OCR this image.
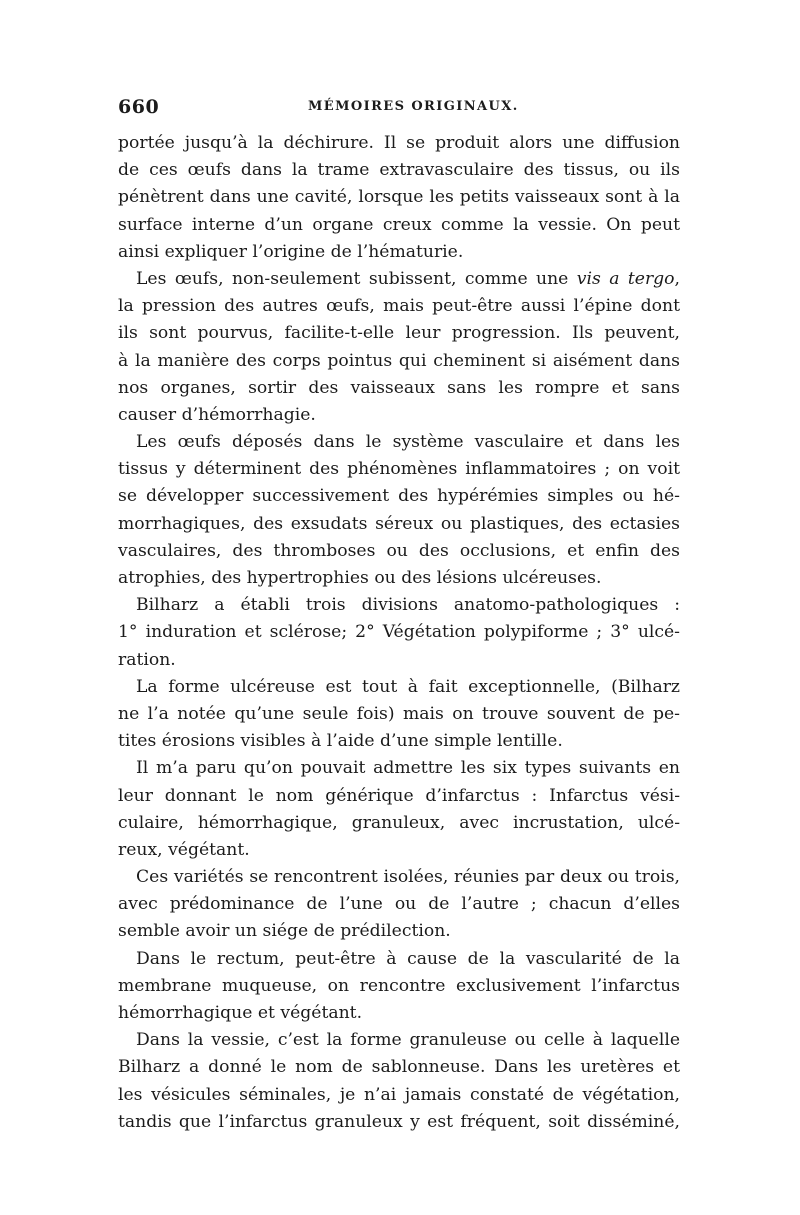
660	MÉMOIRES ORIGINAUX.
portée jusqu’à la déchirure. Il se produit alors une diffusion
de ces œufs dans la trame extravasculaire des tissus, ou ils
pénètrent dans une cavité, lorsque les petits vaisseaux sont à la
surface interne d’un organe creux comme la vessie. On peut
ainsi expliquer l’origine de l’hématurie.
Les œufs, non-seulement subissent, comme une vis a tergo,
la pression des autres œufs, mais peut-être aussi l’épine dont
ils sont pourvus, facilite-t-elle leur progression. Ils peuvent,
à la manière des corps pointus qui cheminent si aisément dans
nos organes, sortir des vaisseaux sans les rompre et sans
causer d’hémorrhagie.
Les œufs déposés dans le système vasculaire et dans les
tissus y déterminent des phénomènes inflammatoires ; on voit
se développer successivement des hypérémies simples ou hé-
morrhagiques, des exsudats séreux ou plastiques, des ectasies
vasculaires, des thromboses ou des occlusions, et enfin des
atrophies, des hypertrophies ou des lésions ulcéreuses.
Bilharz a établi trois divisions anatomo-pathologiques :
1° induration et sclérose; 2° Végétation polypiforme ; 3° ulcé-
ration.
La forme ulcéreuse est tout à fait exceptionnelle, (Bilharz
ne l’a notée qu’une seule fois) mais on trouve souvent de pe-
tites érosions visibles à l’aide d’une simple lentille.
Il m’a paru qu’on pouvait admettre les six types suivants en
leur donnant le nom générique d’infarctus : Infarctus vési-
culaire, hémorrhagique, granuleux, avec incrustation, ulcé-
reux, végétant.
Ces variétés se rencontrent isolées, réunies par deux ou trois,
avec prédominance de l’une ou de l’autre ; chacun d’elles
semble avoir un siége de prédilection.
Dans le rectum, peut-être à cause de la vascularité de la
membrane muqueuse, on rencontre exclusivement l’infarctus
hémorrhagique et végétant.
Dans la vessie, c’est la forme granuleuse ou celle à laquelle
Bilharz a donné le nom de sablonneuse. Dans les uretères et
les vésicules séminales, je n’ai jamais constaté de végétation,
tandis que l’infarctus granuleux y est fréquent, soit disséminé,
